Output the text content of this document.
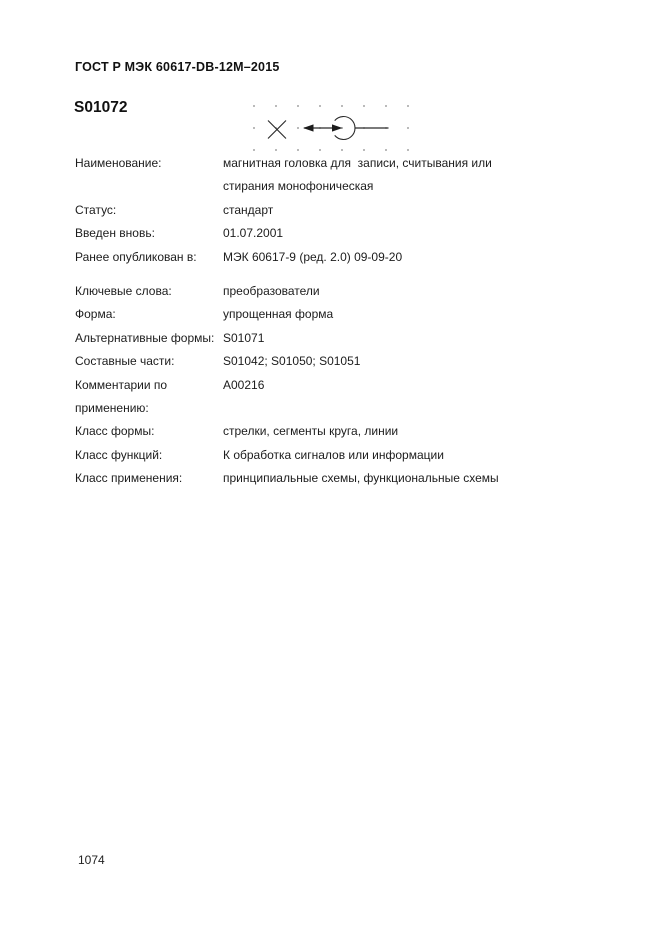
ГОСТ Р МЭК 60617-DB-12M–2015
S01072
Наименование:	магнитная головка для  записи, считывания или стирания монофоническая
Статус:	стандарт
Введен вновь:	01.07.2001
Ранее опубликован в:	МЭК 60617-9 (ред. 2.0) 09-09-20
Ключевые слова:	преобразователи
Форма:	упрощенная форма
Альтернативные формы: S01071
Составные части:	S01042; S01050; S01051
Комментарии по применению:
A00216
Класс формы:	стрелки, сегменты круга, линии
Класс функций:	К обработка сигналов или информации
Класс применения:	принципиальные схемы, функциональные схемы
1074
